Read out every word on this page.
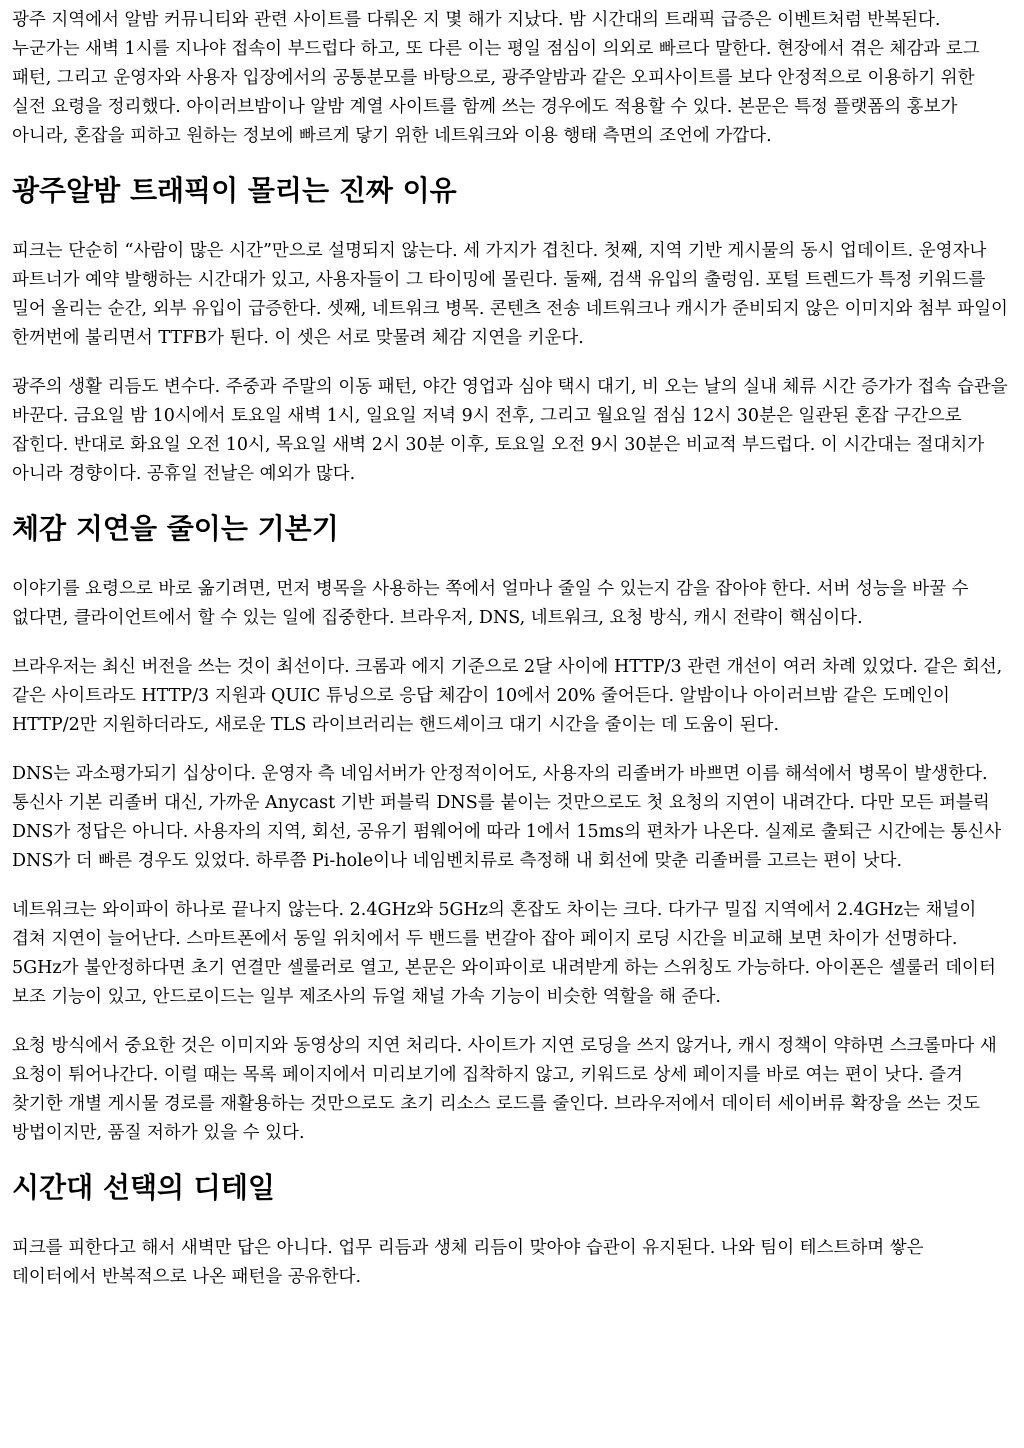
광주 지역에서 알밤 커뮤니티와 관련 사이트를 다뤄온 지 몇 해가 지났다. 밤 시간대의 트래픽 급증은 이벤트처럼 반복된다. 누군가는 새벽 1시를 지나야 접속이 부드럽다 하고, 또 다른 이는 평일 점심이 의외로 빠르다 말한다. 현장에서 겪은 체감과 로그 패턴, 그리고 운영자와 사용자 입장에서의 공통분모를 바탕으로, 광주알밤과 같은 오피사이트를 보다 안정적으로 이용하기 위한 실전 요령을 정리했다. 아이러브밤이나 알밤 계열 사이트를 함께 쓰는 경우에도 적용할 수 있다. 본문은 특정 플랫폼의 홍보가 아니라, 혼잡을 피하고 원하는 정보에 빠르게 닿기 위한 네트워크와 이용 행태 측면의 조언에 가깝다.

광주알밤 트래픽이 몰리는 진짜 이유

피크는 단순히 “사람이 많은 시간”만으로 설명되지 않는다. 세 가지가 겹친다. 첫째, 지역 기반 게시물의 동시 업데이트. 운영자나 파트너가 예약 발행하는 시간대가 있고, 사용자들이 그 타이밍에 몰린다. 둘째, 검색 유입의 출렁임. 포털 트렌드가 특정 키워드를 밀어 올리는 순간, 외부 유입이 급증한다. 셋째, 네트워크 병목. 콘텐츠 전송 네트워크나 캐시가 준비되지 않은 이미지와 첨부 파일이 한꺼번에 불리면서 TTFB가 튄다. 이 셋은 서로 맞물려 체감 지연을 키운다.

광주의 생활 리듬도 변수다. 주중과 주말의 이동 패턴, 야간 영업과 심야 택시 대기, 비 오는 날의 실내 체류 시간 증가가 접속 습관을 바꾼다. 금요일 밤 10시에서 토요일 새벽 1시, 일요일 저녁 9시 전후, 그리고 월요일 점심 12시 30분은 일관된 혼잡 구간으로 잡힌다. 반대로 화요일 오전 10시, 목요일 새벽 2시 30분 이후, 토요일 오전 9시 30분은 비교적 부드럽다. 이 시간대는 절대치가 아니라 경향이다. 공휴일 전날은 예외가 많다.

체감 지연을 줄이는 기본기

이야기를 요령으로 바로 옮기려면, 먼저 병목을 사용하는 쪽에서 얼마나 줄일 수 있는지 감을 잡아야 한다. 서버 성능을 바꿀 수 없다면, 클라이언트에서 할 수 있는 일에 집중한다. 브라우저, DNS, 네트워크, 요청 방식, 캐시 전략이 핵심이다.

브라우저는 최신 버전을 쓰는 것이 최선이다. 크롬과 에지 기준으로 2달 사이에 HTTP/3 관련 개선이 여러 차례 있었다. 같은 회선, 같은 사이트라도 HTTP/3 지원과 QUIC 튜닝으로 응답 체감이 10에서 20% 줄어든다. 알밤이나 아이러브밤 같은 도메인이 HTTP/2만 지원하더라도, 새로운 TLS 라이브러리는 핸드셰이크 대기 시간을 줄이는 데 도움이 된다.

DNS는 과소평가되기 십상이다. 운영자 측 네임서버가 안정적이어도, 사용자의 리졸버가 바쁘면 이름 해석에서 병목이 발생한다. 통신사 기본 리졸버 대신, 가까운 Anycast 기반 퍼블릭 DNS를 붙이는 것만으로도 첫 요청의 지연이 내려간다. 다만 모든 퍼블릭 DNS가 정답은 아니다. 사용자의 지역, 회선, 공유기 펌웨어에 따라 1에서 15ms의 편차가 나온다. 실제로 출퇴근 시간에는 통신사 DNS가 더 빠른 경우도 있었다. 하루쯤 Pi-hole이나 네임벤치류로 측정해 내 회선에 맞춘 리졸버를 고르는 편이 낫다.

네트워크는 와이파이 하나로 끝나지 않는다. 2.4GHz와 5GHz의 혼잡도 차이는 크다. 다가구 밀집 지역에서 2.4GHz는 채널이 겹쳐 지연이 늘어난다. 스마트폰에서 동일 위치에서 두 밴드를 번갈아 잡아 페이지 로딩 시간을 비교해 보면 차이가 선명하다. 5GHz가 불안정하다면 초기 연결만 셀룰러로 열고, 본문은 와이파이로 내려받게 하는 스위칭도 가능하다. 아이폰은 셀룰러 데이터 보조 기능이 있고, 안드로이드는 일부 제조사의 듀얼 채널 가속 기능이 비슷한 역할을 해 준다.

요청 방식에서 중요한 것은 이미지와 동영상의 지연 처리다. 사이트가 지연 로딩을 쓰지 않거나, 캐시 정책이 약하면 스크롤마다 새 요청이 튀어나간다. 이럴 때는 목록 페이지에서 미리보기에 집착하지 않고, 키워드로 상세 페이지를 바로 여는 편이 낫다. 즐겨 찾기한 개별 게시물 경로를 재활용하는 것만으로도 초기 리소스 로드를 줄인다. 브라우저에서 데이터 세이버류 확장을 쓰는 것도 방법이지만, 품질 저하가 있을 수 있다.

시간대 선택의 디테일

피크를 피한다고 해서 새벽만 답은 아니다. 업무 리듬과 생체 리듬이 맞아야 습관이 유지된다. 나와 팀이 테스트하며 쌓은 데이터에서 반복적으로 나온 패턴을 공유한다.
